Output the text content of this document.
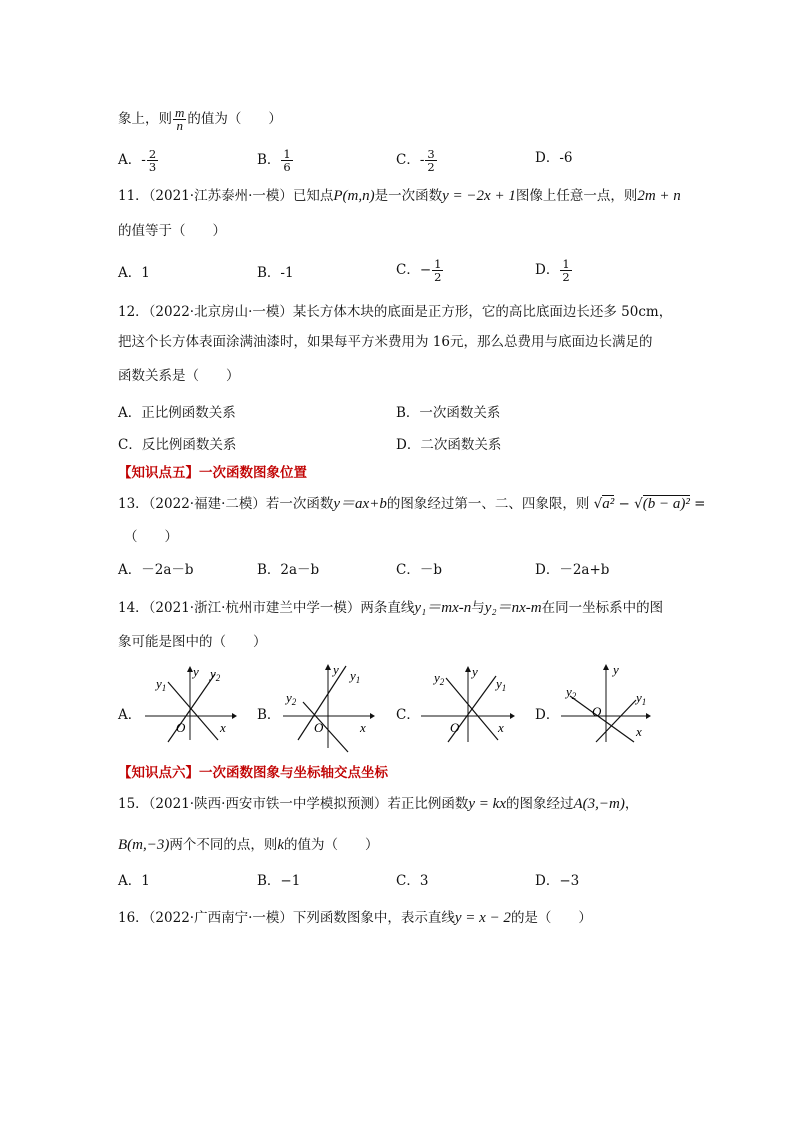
象上，则 $\frac{m}{n}$ 的值为（　　）
A．- $\frac{2}{3}$	B． $\frac{1}{6}$	C．- $\frac{3}{2}$	D．-6
11．（2021·江苏泰州·一模）已知点P(m,n)是一次函数y = −2x + 1图像上任意一点，则2m + n
的值等于（　　）
A．1	B．-1	C．− $\frac{1}{2}$	D． $\frac{1}{2}$
12．（2022·北京房山·一模）某长方体木块的底面是正方形，它的高比底面边长还多 50cm，
把这个长方体表面涂满油漆时，如果每平方米费用为 16元，那么总费用与底面边长满足的
函数关系是（　　）
A．正比例函数关系	B．一次函数关系
C．反比例函数关系	D．二次函数关系
【知识点五】一次函数图象位置
13．（2022·福建·二模）若一次函数y＝ax+b的图象经过第一、二、四象限，则 √a² − √(b − a)² =
（　　）
A．－2a－b	B．2a－b	C．－b	D．－2a+b
14．（2021·浙江·杭州市建兰中学一模）两条直线y₁＝mx-n与y₂＝nx-m在同一坐标系中的图
象可能是图中的（　　）
A．
$y_1$
$y_2$
y
O	x
B．
$y_2$
$y_1$
y
O	x
C．
$y_2$	$y_1$
y
O	x
D．
$y_2$	$y_1$
y
O
x
【知识点六】一次函数图象与坐标轴交点坐标
15．（2021·陕西·西安市铁一中学模拟预测）若正比例函数y = kx的图象经过A(3,−m)，
B(m,−3)两个不同的点，则k的值为（　　）
A．1	B．−1	C．3	D．−3
16．（2022·广西南宁·一模）下列函数图象中，表示直线y = x − 2的是（　　）
